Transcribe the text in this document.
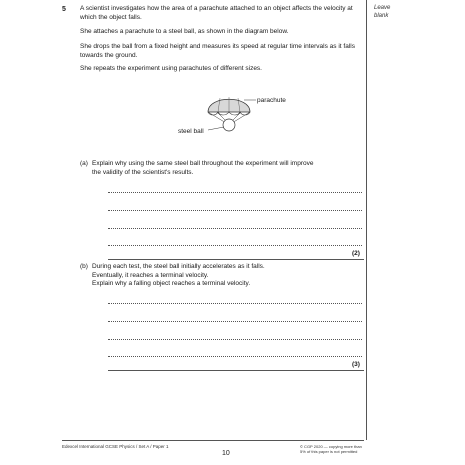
Leave
blank
5 A scientist investigates how the area of a parachute attached to an object affects the velocity at which the object falls.
She attaches a parachute to a steel ball, as shown in the diagram below.
She drops the ball from a fixed height and measures its speed at regular time intervals as it falls towards the ground.
She repeats the experiment using parachutes of different sizes.
parachute
steel ball
(a) Explain why using the same steel ball throughout the experiment will improve
the validity of the scientist's results.
(2)
(b) During each test, the steel ball initially accelerates as it falls.
Eventually, it reaches a terminal velocity.
Explain why a falling object reaches a terminal velocity.
(3)
Edexcel International GCSE Physics / Set A / Paper 1
10
© CGP 2020 — copying more than
5% of this paper is not permitted
